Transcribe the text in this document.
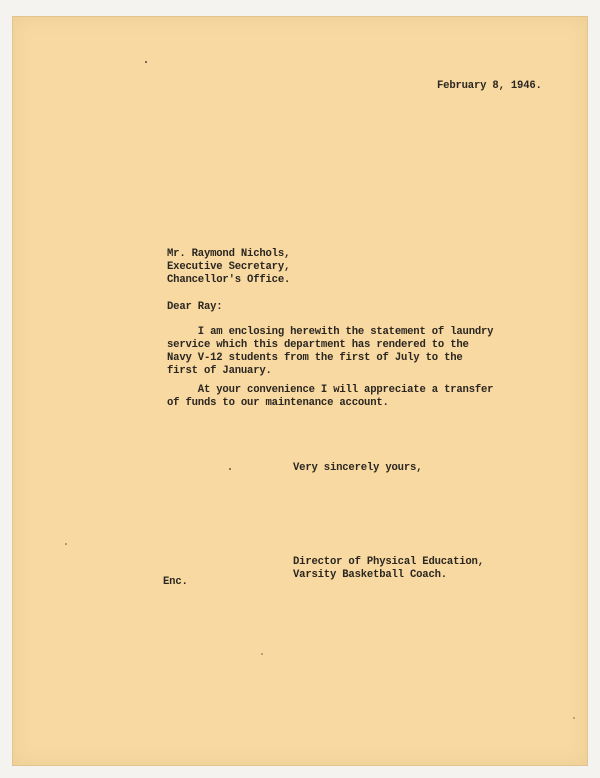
February 8, 1946.
Mr. Raymond Nichols,
Executive Secretary,
Chancellor's Office.
Dear Ray:
I am enclosing herewith the statement of laundry
service which this department has rendered to the
Navy V-12 students from the first of July to the
first of January.
At your convenience I will appreciate a transfer
of funds to our maintenance account.
Very sincerely yours,
Enc.
Director of Physical Education,
Varsity Basketball Coach.
